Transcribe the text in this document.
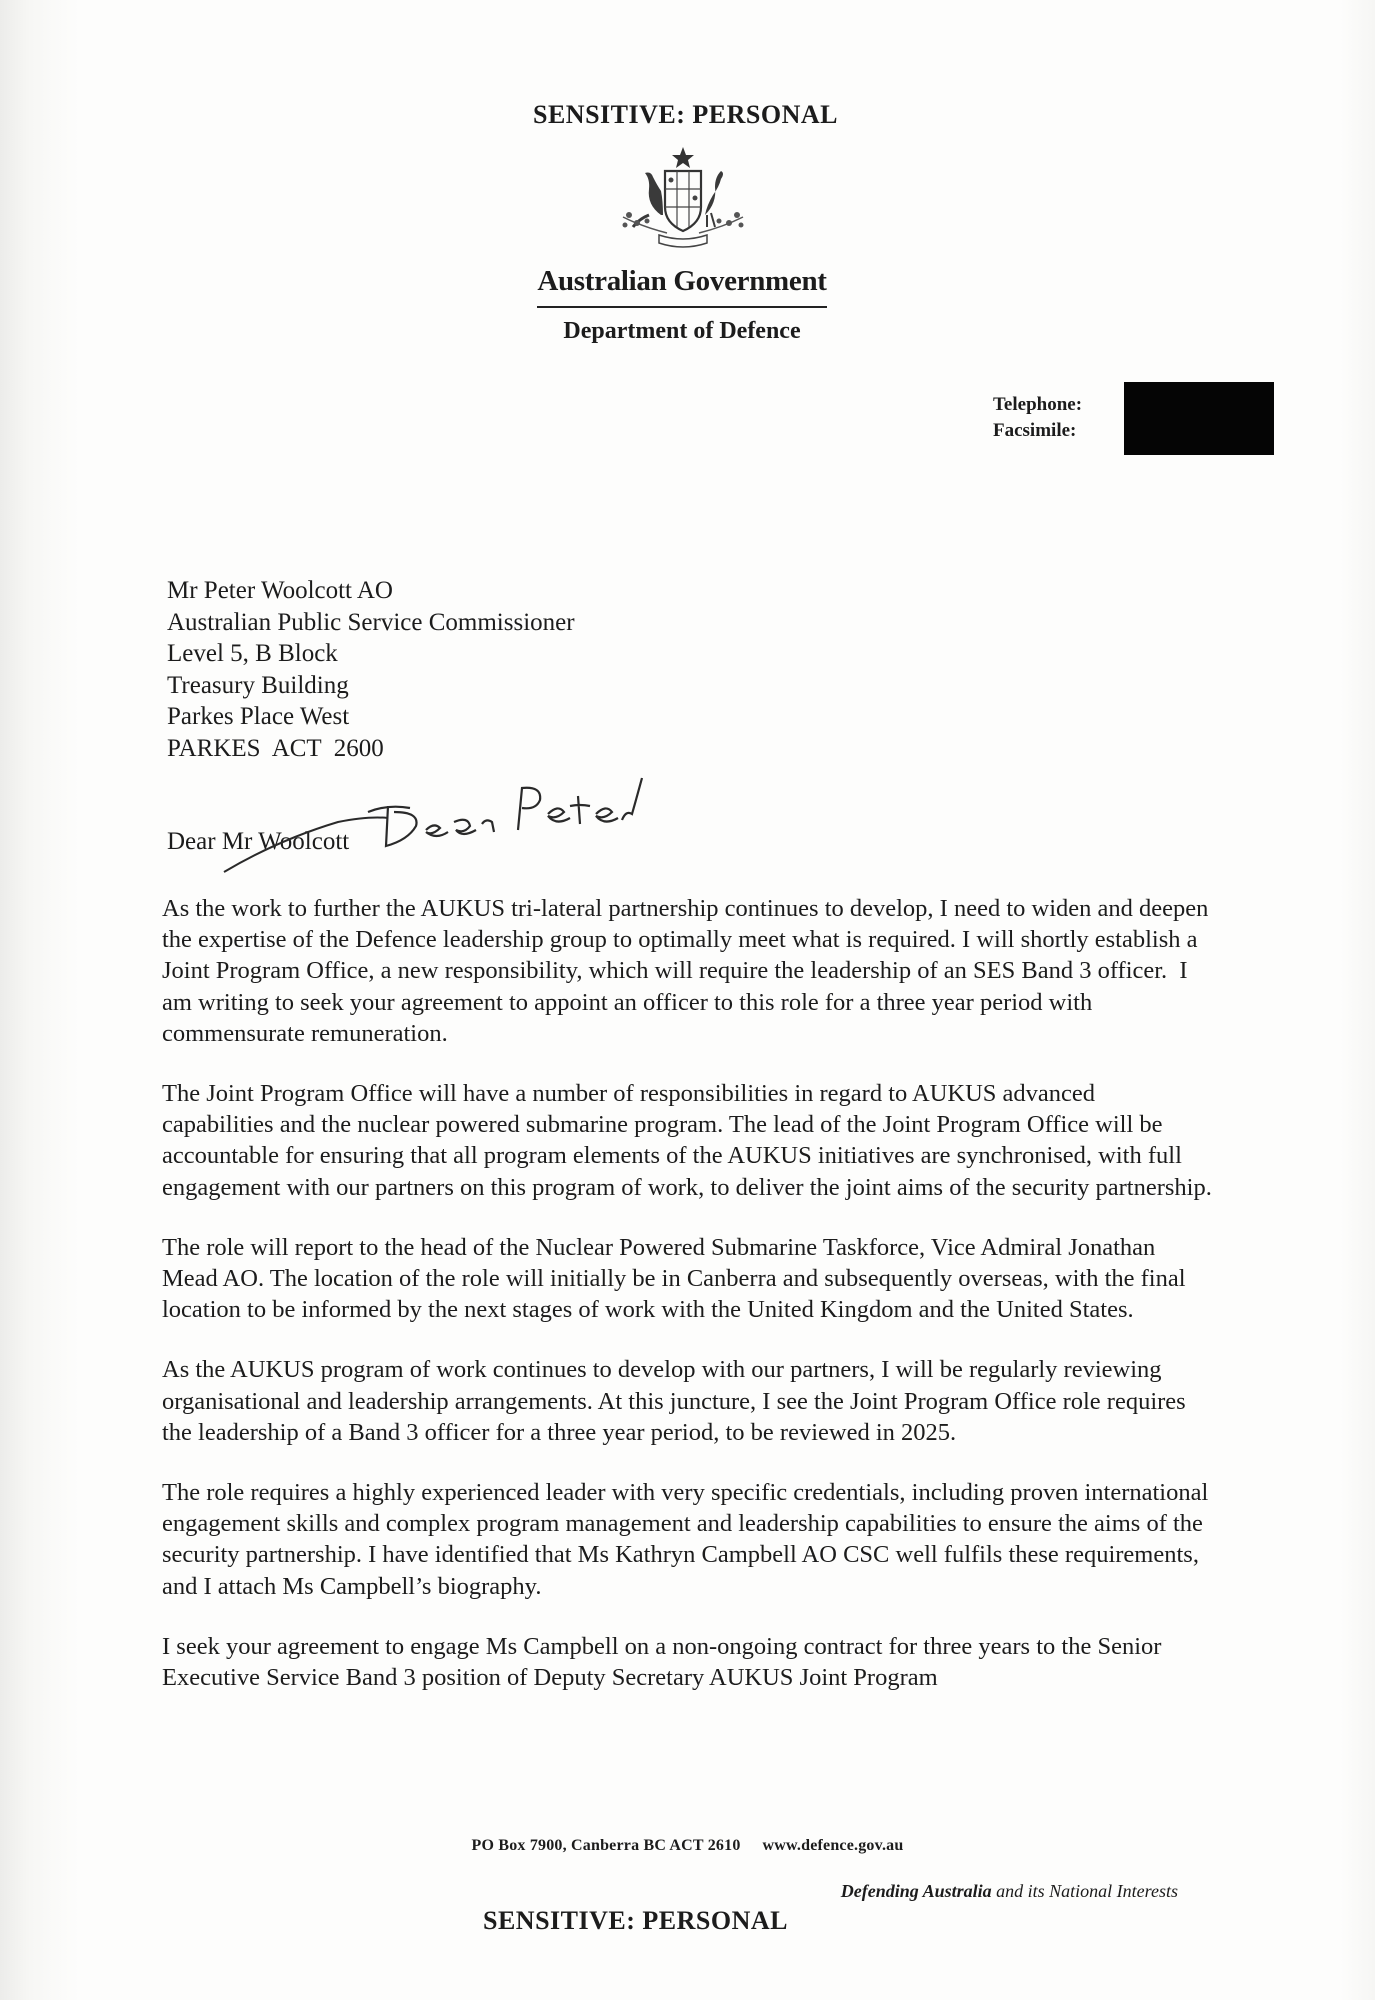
SENSITIVE: PERSONAL
Australian Government
Department of Defence
Telephone:
Facsimile:
Mr Peter Woolcott AO
Australian Public Service Commissioner
Level 5, B Block
Treasury Building
Parkes Place West
PARKES  ACT  2600
Dear Mr Woolcott

As the work to further the AUKUS tri-lateral partnership continues to develop, I need to widen and deepen the expertise of the Defence leadership group to optimally meet what is required. I will shortly establish a Joint Program Office, a new responsibility, which will require the leadership of an SES Band 3 officer.  I am writing to seek your agreement to appoint an officer to this role for a three year period with commensurate remuneration.

The Joint Program Office will have a number of responsibilities in regard to AUKUS advanced capabilities and the nuclear powered submarine program. The lead of the Joint Program Office will be accountable for ensuring that all program elements of the AUKUS initiatives are synchronised, with full engagement with our partners on this program of work, to deliver the joint aims of the security partnership.

The role will report to the head of the Nuclear Powered Submarine Taskforce, Vice Admiral Jonathan Mead AO. The location of the role will initially be in Canberra and subsequently overseas, with the final location to be informed by the next stages of work with the United Kingdom and the United States.

As the AUKUS program of work continues to develop with our partners, I will be regularly reviewing organisational and leadership arrangements. At this juncture, I see the Joint Program Office role requires the leadership of a Band 3 officer for a three year period, to be reviewed in 2025.

The role requires a highly experienced leader with very specific credentials, including proven international engagement skills and complex program management and leadership capabilities to ensure the aims of the security partnership. I have identified that Ms Kathryn Campbell AO CSC well fulfils these requirements, and I attach Ms Campbell’s biography.

I seek your agreement to engage Ms Campbell on a non-ongoing contract for three years to the Senior Executive Service Band 3 position of Deputy Secretary AUKUS Joint Program

PO Box 7900, Canberra BC ACT 2610 www.defence.gov.au
Defending Australia and its National Interests
SENSITIVE: PERSONAL
